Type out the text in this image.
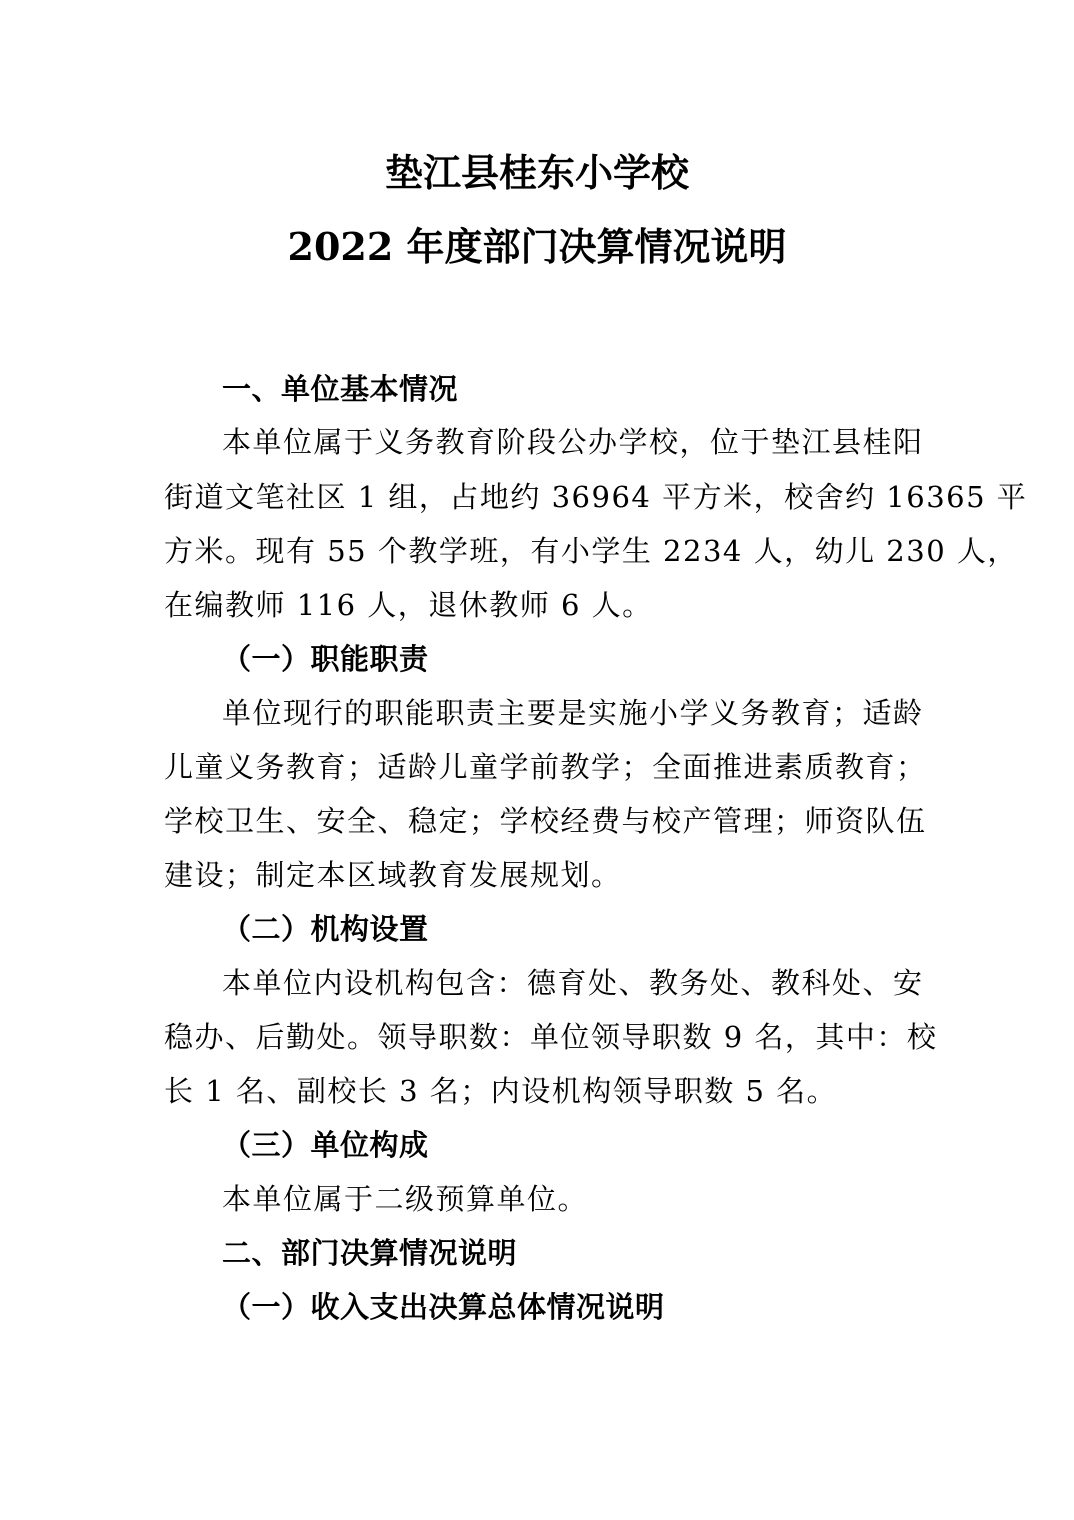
垫江县桂东小学校
2022 年度部门决算情况说明
一、单位基本情况
本单位属于义务教育阶段公办学校，位于垫江县桂阳
街道文笔社区 1 组，占地约 36964 平方米，校舍约 16365 平
方米。现有 55 个教学班，有小学生 2234 人，幼儿 230 人，
在编教师 116 人，退休教师 6 人。
（一）职能职责
单位现行的职能职责主要是实施小学义务教育；适龄
儿童义务教育；适龄儿童学前教学；全面推进素质教育；
学校卫生、安全、稳定；学校经费与校产管理；师资队伍
建设；制定本区域教育发展规划。
（二）机构设置
本单位内设机构包含：德育处、教务处、教科处、安
稳办、后勤处。领导职数：单位领导职数 9 名，其中：校
长 1 名、副校长 3 名；内设机构领导职数 5 名。
（三）单位构成
本单位属于二级预算单位。
二、部门决算情况说明
（一）收入支出决算总体情况说明
